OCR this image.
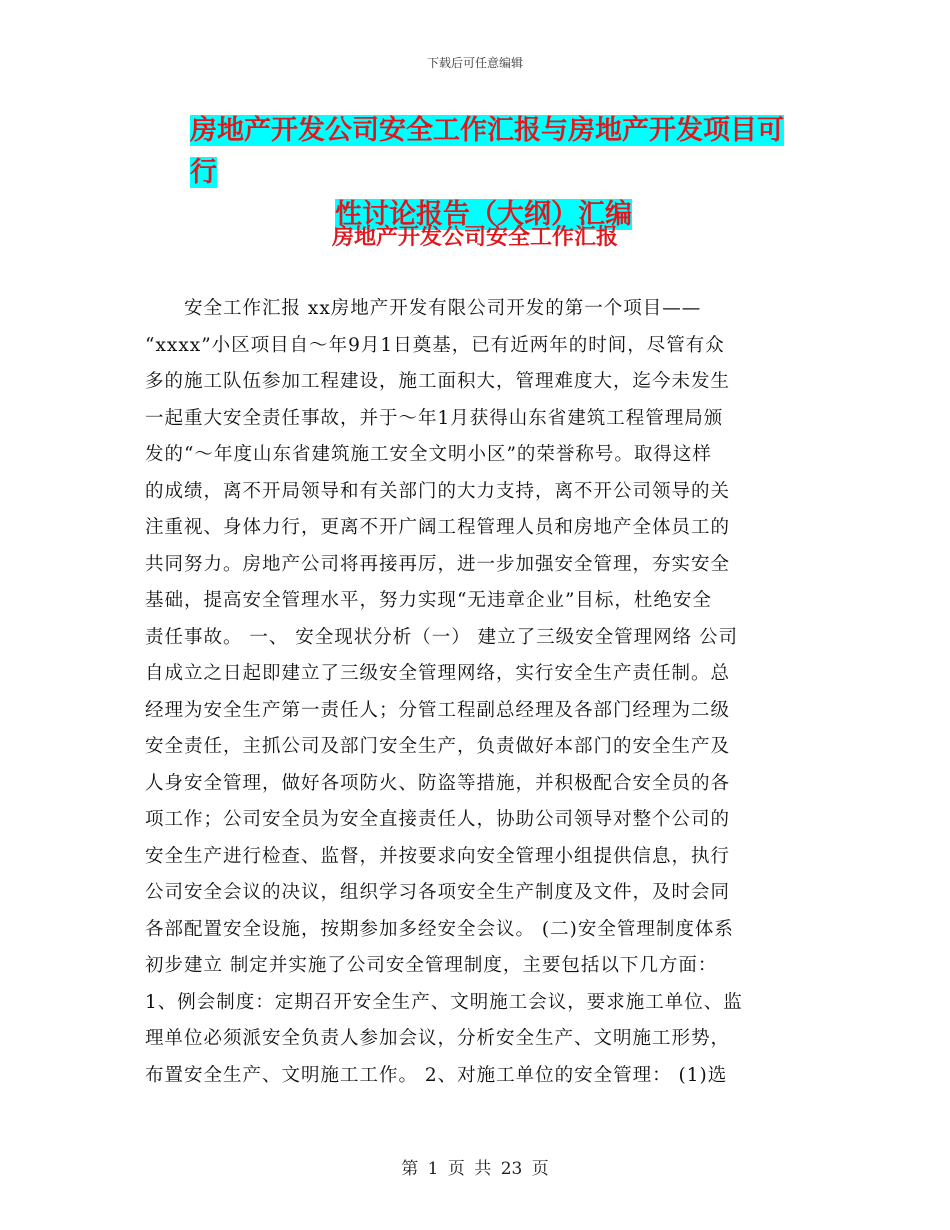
下载后可任意编辑
房地产开发公司安全工作汇报与房地产开发项目可行
性讨论报告（大纲）汇编
房地产开发公司安全工作汇报
　　安全工作汇报 xx房地产开发有限公司开发的第一个项目——
“xxxx”小区项目自～年9月1日奠基，已有近两年的时间，尽管有众
多的施工队伍参加工程建设，施工面积大，管理难度大，迄今未发生
一起重大安全责任事故，并于～年1月获得山东省建筑工程管理局颁
发的“～年度山东省建筑施工安全文明小区”的荣誉称号。取得这样
的成绩，离不开局领导和有关部门的大力支持，离不开公司领导的关
注重视、身体力行，更离不开广阔工程管理人员和房地产全体员工的
共同努力。房地产公司将再接再厉，进一步加强安全管理，夯实安全
基础，提高安全管理水平，努力实现“无违章企业”目标，杜绝安全
责任事故。 一、 安全现状分析（一） 建立了三级安全管理网络 公司
自成立之日起即建立了三级安全管理网络，实行安全生产责任制。总
经理为安全生产第一责任人；分管工程副总经理及各部门经理为二级
安全责任，主抓公司及部门安全生产，负责做好本部门的安全生产及
人身安全管理，做好各项防火、防盗等措施，并积极配合安全员的各
项工作；公司安全员为安全直接责任人，协助公司领导对整个公司的
安全生产进行检查、监督，并按要求向安全管理小组提供信息，执行
公司安全会议的决议，组织学习各项安全生产制度及文件，及时会同
各部配置安全设施，按期参加多经安全会议。 (二)安全管理制度体系
初步建立 制定并实施了公司安全管理制度，主要包括以下几方面：
1、例会制度：定期召开安全生产、文明施工会议，要求施工单位、监
理单位必须派安全负责人参加会议，分析安全生产、文明施工形势，
布置安全生产、文明施工工作。 2、对施工单位的安全管理： (1)选
第 1 页 共 23 页
